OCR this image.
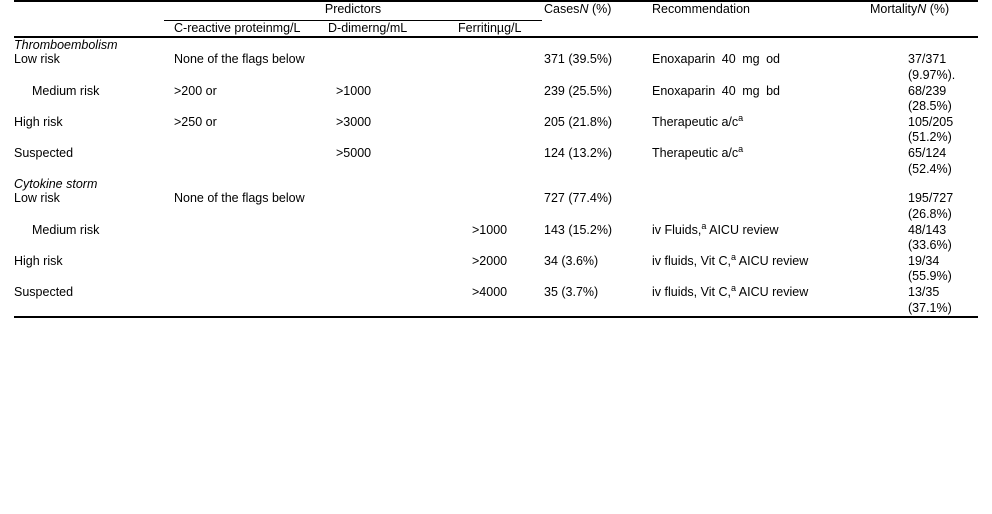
	Predictors			CasesN (%)	Recommendation	MortalityN (%)
	C-reactive proteinmg/L	D-dimerng/mL	Ferritinµg/L			
Thromboembolism						
Low risk	None of the flags below			371 (39.5%)	Enoxaparin 40 mg od	37/371 (9.97%).
Medium risk	>200 or	>1000		239 (25.5%)	Enoxaparin 40 mg bd	68/239 (28.5%)
High risk	>250 or	>3000		205 (21.8%)	Therapeutic $a/c^a$	105/205 (51.2%)
Suspected		>5000		124 (13.2%)	Therapeutic $a/c^a$	65/124 (52.4%)
Cytokine storm						
Low risk	None of the flags below			727 (77.4%)		195/727 (26.8%)
Medium risk			>1000	143 (15.2%)	iv Fluids,$^a$ AICU review	48/143 (33.6%)
High risk			>2000	34 (3.6%)	iv fluids, Vit C,$^a$ AICU review	19/34 (55.9%)
Suspected			>4000	35 (3.7%)	iv fluids, Vit C,$^a$ AICU review	13/35 (37.1%)
